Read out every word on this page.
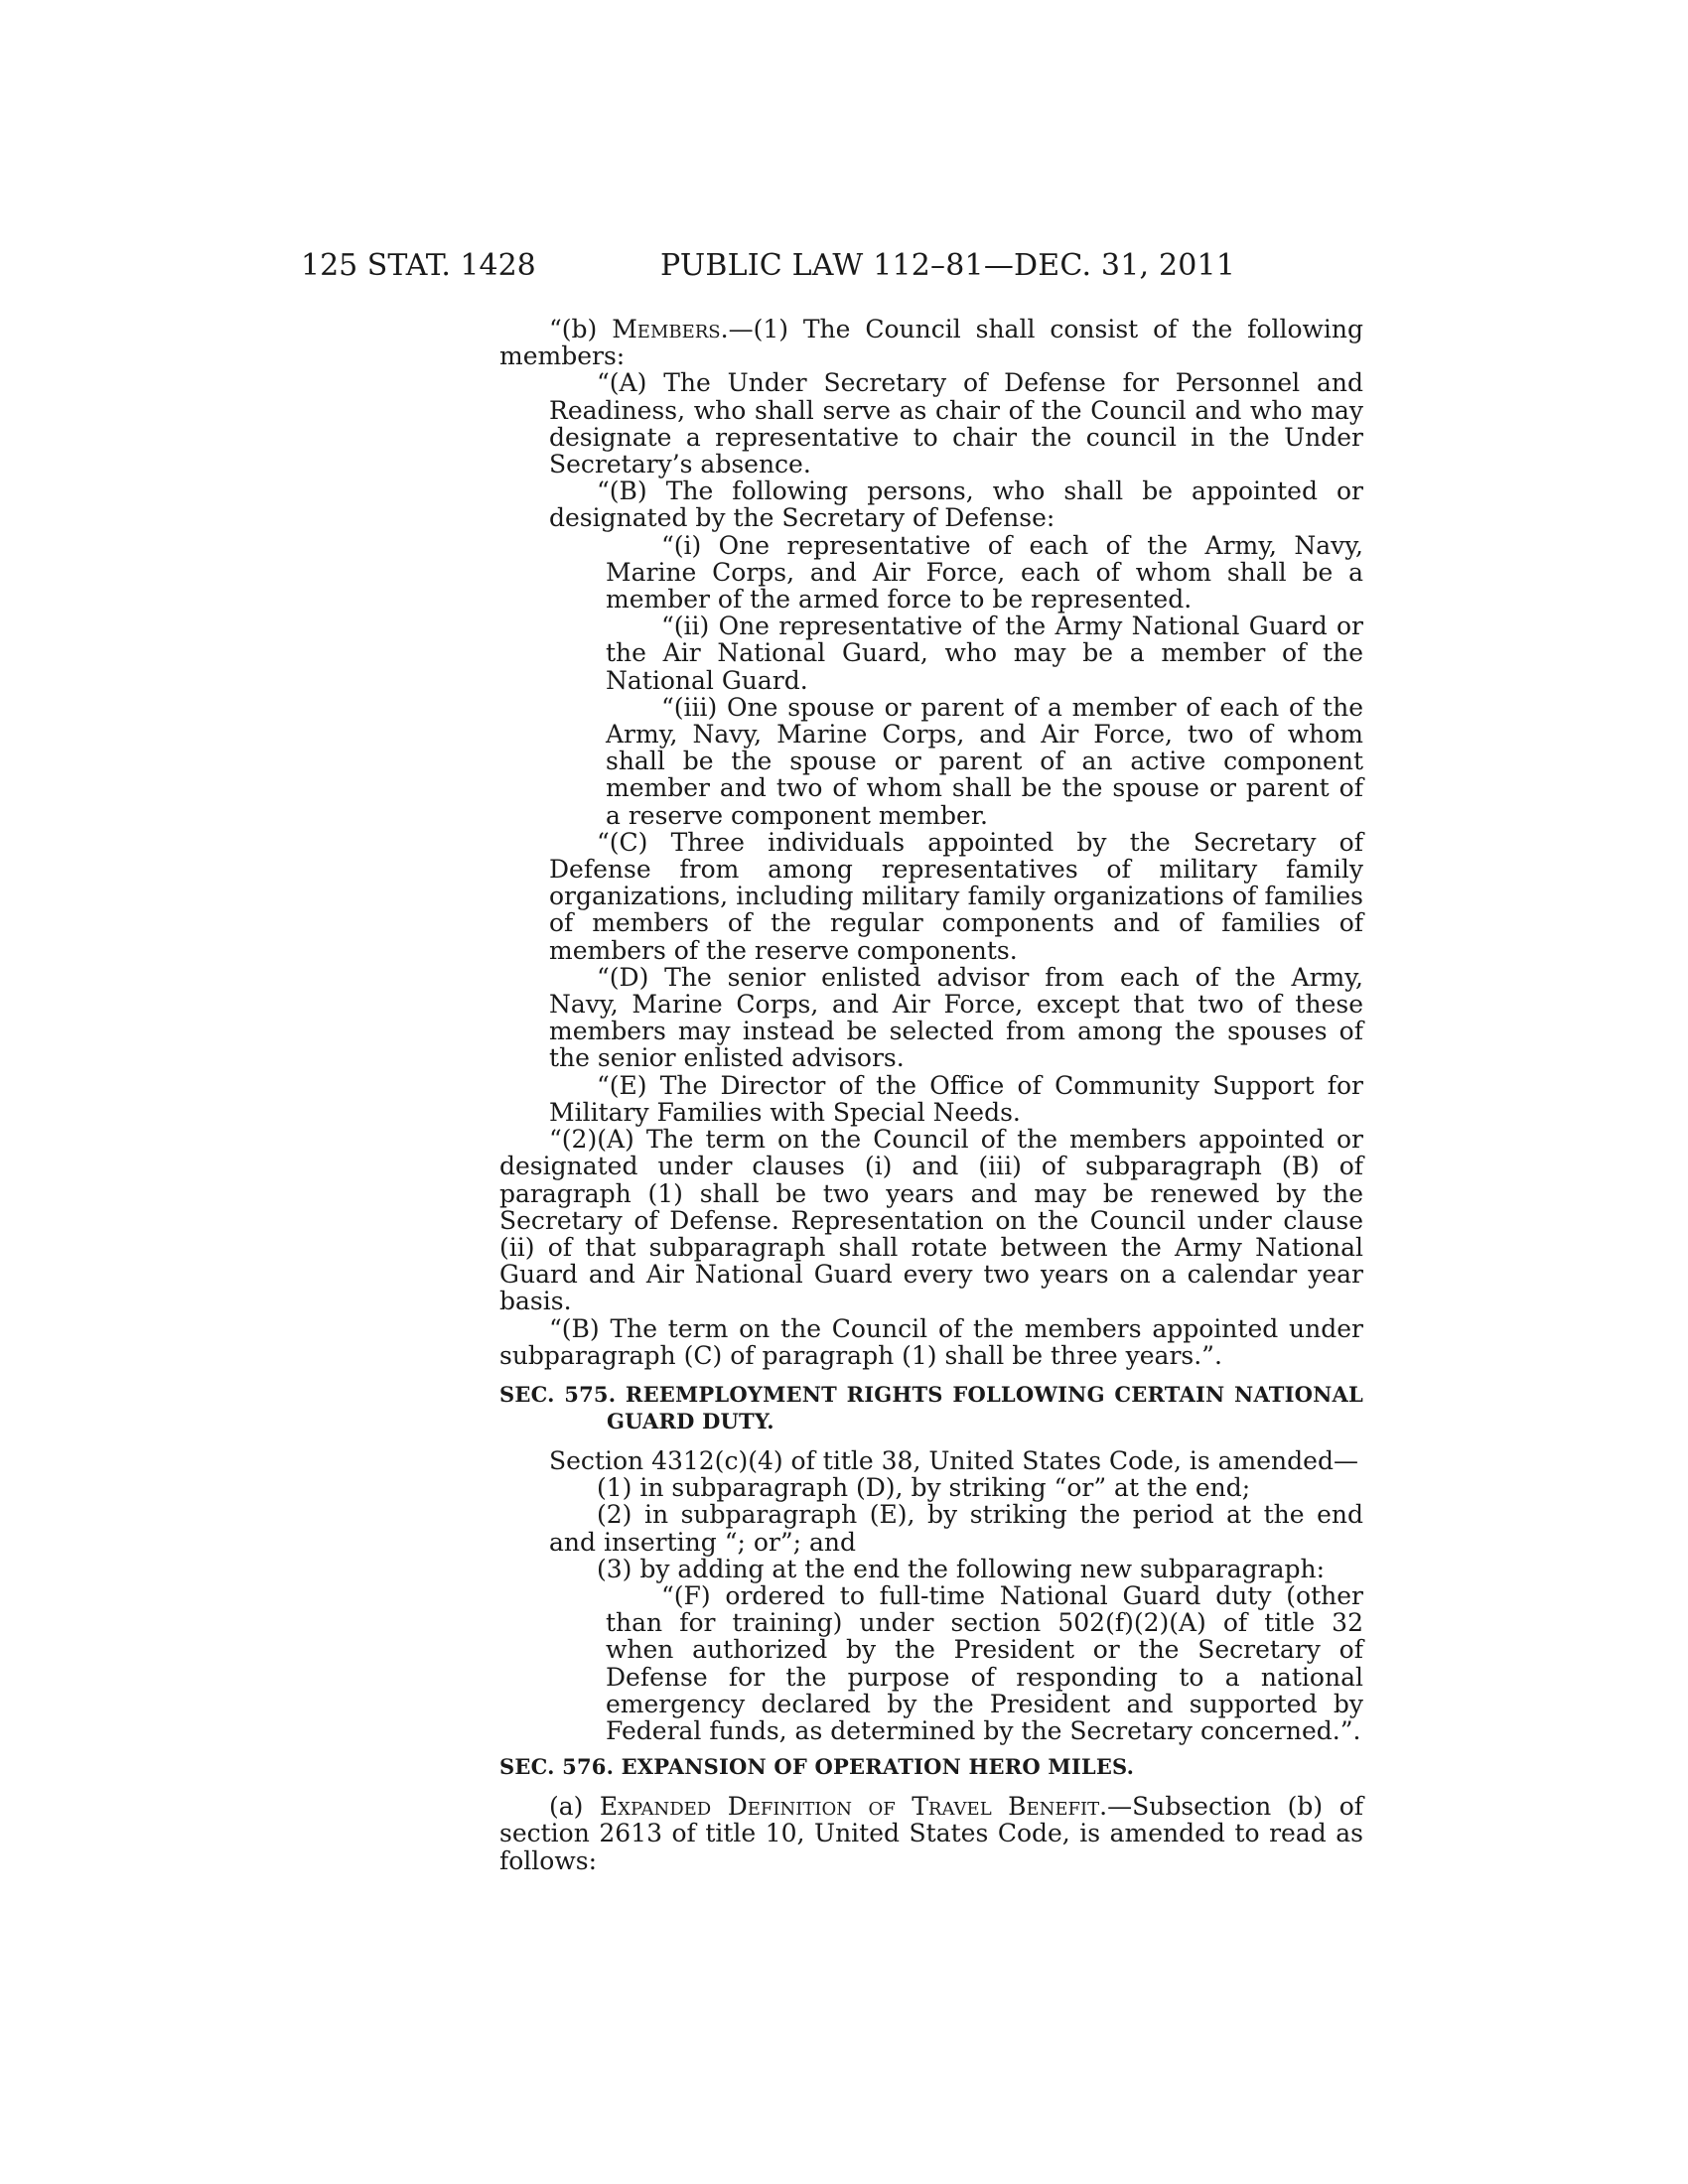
125 STAT. 1428	PUBLIC LAW 112–81—DEC. 31, 2011

“(b) Members.—(1) The Council shall consist of the following members:

“(A) The Under Secretary of Defense for Personnel and Readiness, who shall serve as chair of the Council and who may designate a representative to chair the council in the Under Secretary’s absence.

“(B) The following persons, who shall be appointed or designated by the Secretary of Defense:

“(i) One representative of each of the Army, Navy, Marine Corps, and Air Force, each of whom shall be a member of the armed force to be represented.

“(ii) One representative of the Army National Guard or the Air National Guard, who may be a member of the National Guard.

“(iii) One spouse or parent of a member of each of the Army, Navy, Marine Corps, and Air Force, two of whom shall be the spouse or parent of an active component member and two of whom shall be the spouse or parent of a reserve component member.

“(C) Three individuals appointed by the Secretary of Defense from among representatives of military family organizations, including military family organizations of families of members of the regular components and of families of members of the reserve components.

“(D) The senior enlisted advisor from each of the Army, Navy, Marine Corps, and Air Force, except that two of these members may instead be selected from among the spouses of the senior enlisted advisors.

“(E) The Director of the Office of Community Support for Military Families with Special Needs.

“(2)(A) The term on the Council of the members appointed or designated under clauses (i) and (iii) of subparagraph (B) of paragraph (1) shall be two years and may be renewed by the Secretary of Defense. Representation on the Council under clause (ii) of that subparagraph shall rotate between the Army National Guard and Air National Guard every two years on a calendar year basis.

“(B) The term on the Council of the members appointed under subparagraph (C) of paragraph (1) shall be three years.”.

SEC. 575. REEMPLOYMENT RIGHTS FOLLOWING CERTAIN NATIONAL GUARD DUTY.

Section 4312(c)(4) of title 38, United States Code, is amended—

(1) in subparagraph (D), by striking “or” at the end;

(2) in subparagraph (E), by striking the period at the end and inserting “; or”; and

(3) by adding at the end the following new subparagraph:

“(F) ordered to full-time National Guard duty (other than for training) under section 502(f)(2)(A) of title 32 when authorized by the President or the Secretary of Defense for the purpose of responding to a national emergency declared by the President and supported by Federal funds, as determined by the Secretary concerned.”.

SEC. 576. EXPANSION OF OPERATION HERO MILES.

(a) Expanded Definition of Travel Benefit.—Subsection (b) of section 2613 of title 10, United States Code, is amended to read as follows:
